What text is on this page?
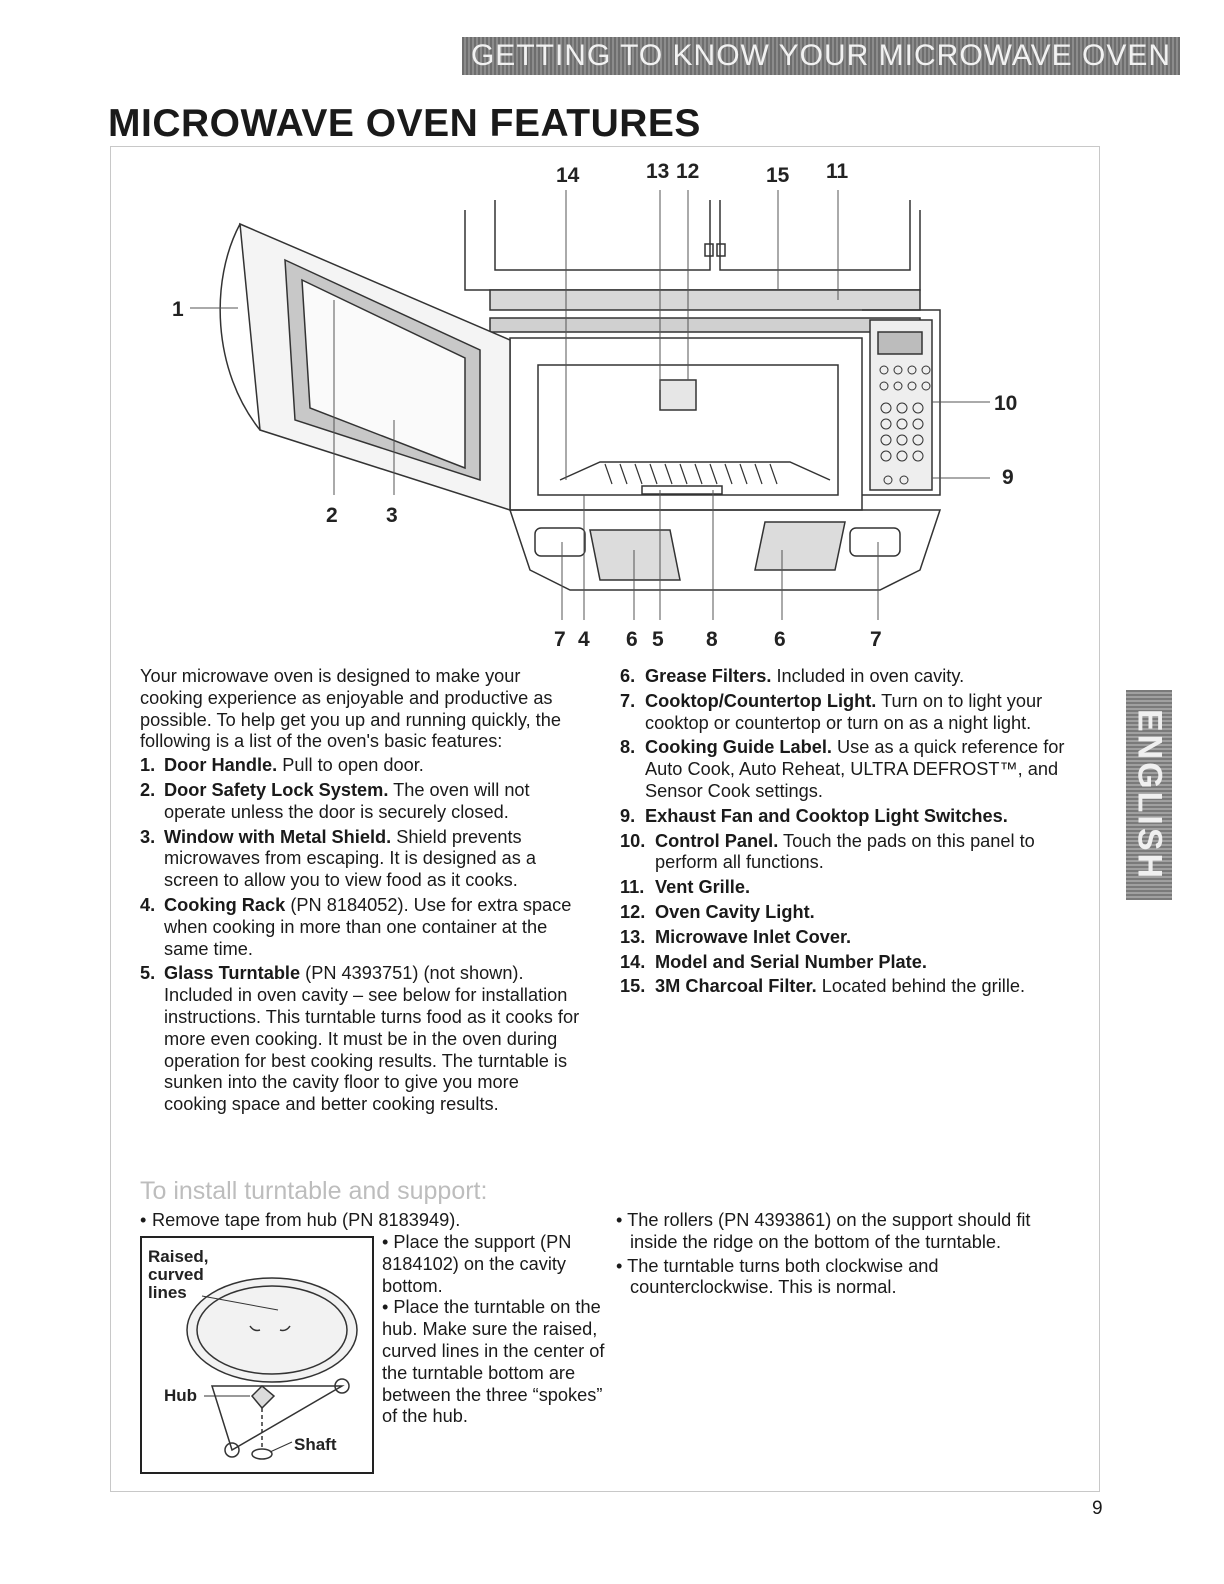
GETTING TO KNOW YOUR MICROWAVE OVEN
MICROWAVE OVEN FEATURES
14	13 12	15 11
1
2 3
10
9
7 4 6 5 8	6	7

Your microwave oven is designed to make your cooking experience as enjoyable and productive as possible. To help get you up and running quickly, the following is a list of the oven's basic features:

1. Door Handle. Pull to open door.
2. Door Safety Lock System. The oven will not operate unless the door is securely closed.
3. Window with Metal Shield. Shield prevents microwaves from escaping. It is designed as a screen to allow you to view food as it cooks.
4. Cooking Rack (PN 8184052). Use for extra space when cooking in more than one container at the same time.
5. Glass Turntable (PN 4393751) (not shown). Included in oven cavity – see below for installation instructions. This turntable turns food as it cooks for more even cooking. It must be in the oven during operation for best cooking results. The turntable is sunken into the cavity floor to give you more cooking space and better cooking results.
6. Grease Filters. Included in oven cavity.
7. Cooktop/Countertop Light. Turn on to light your cooktop or countertop or turn on as a night light.
8. Cooking Guide Label. Use as a quick reference for Auto Cook, Auto Reheat, ULTRA DEFROST™, and Sensor Cook settings.
9. Exhaust Fan and Cooktop Light Switches.
10. Control Panel. Touch the pads on this panel to perform all functions.
11. Vent Grille.
12. Oven Cavity Light.
13. Microwave Inlet Cover.
14. Model and Serial Number Plate.
15. 3M Charcoal Filter. Located behind the grille.
To install turntable and support:
• Remove tape from hub (PN 8183949).
Raised,
curved
lines
Hub
Shaft

• Place the support (PN 8184102) on the cavity bottom.

• Place the turntable on the hub. Make sure the raised, curved lines in the center of the turntable bottom are between the three “spokes” of the hub.

• The rollers (PN 4393861) on the support should fit inside the ridge on the bottom of the turntable.

• The turntable turns both clockwise and counterclockwise. This is normal.

ENGLISH
9
